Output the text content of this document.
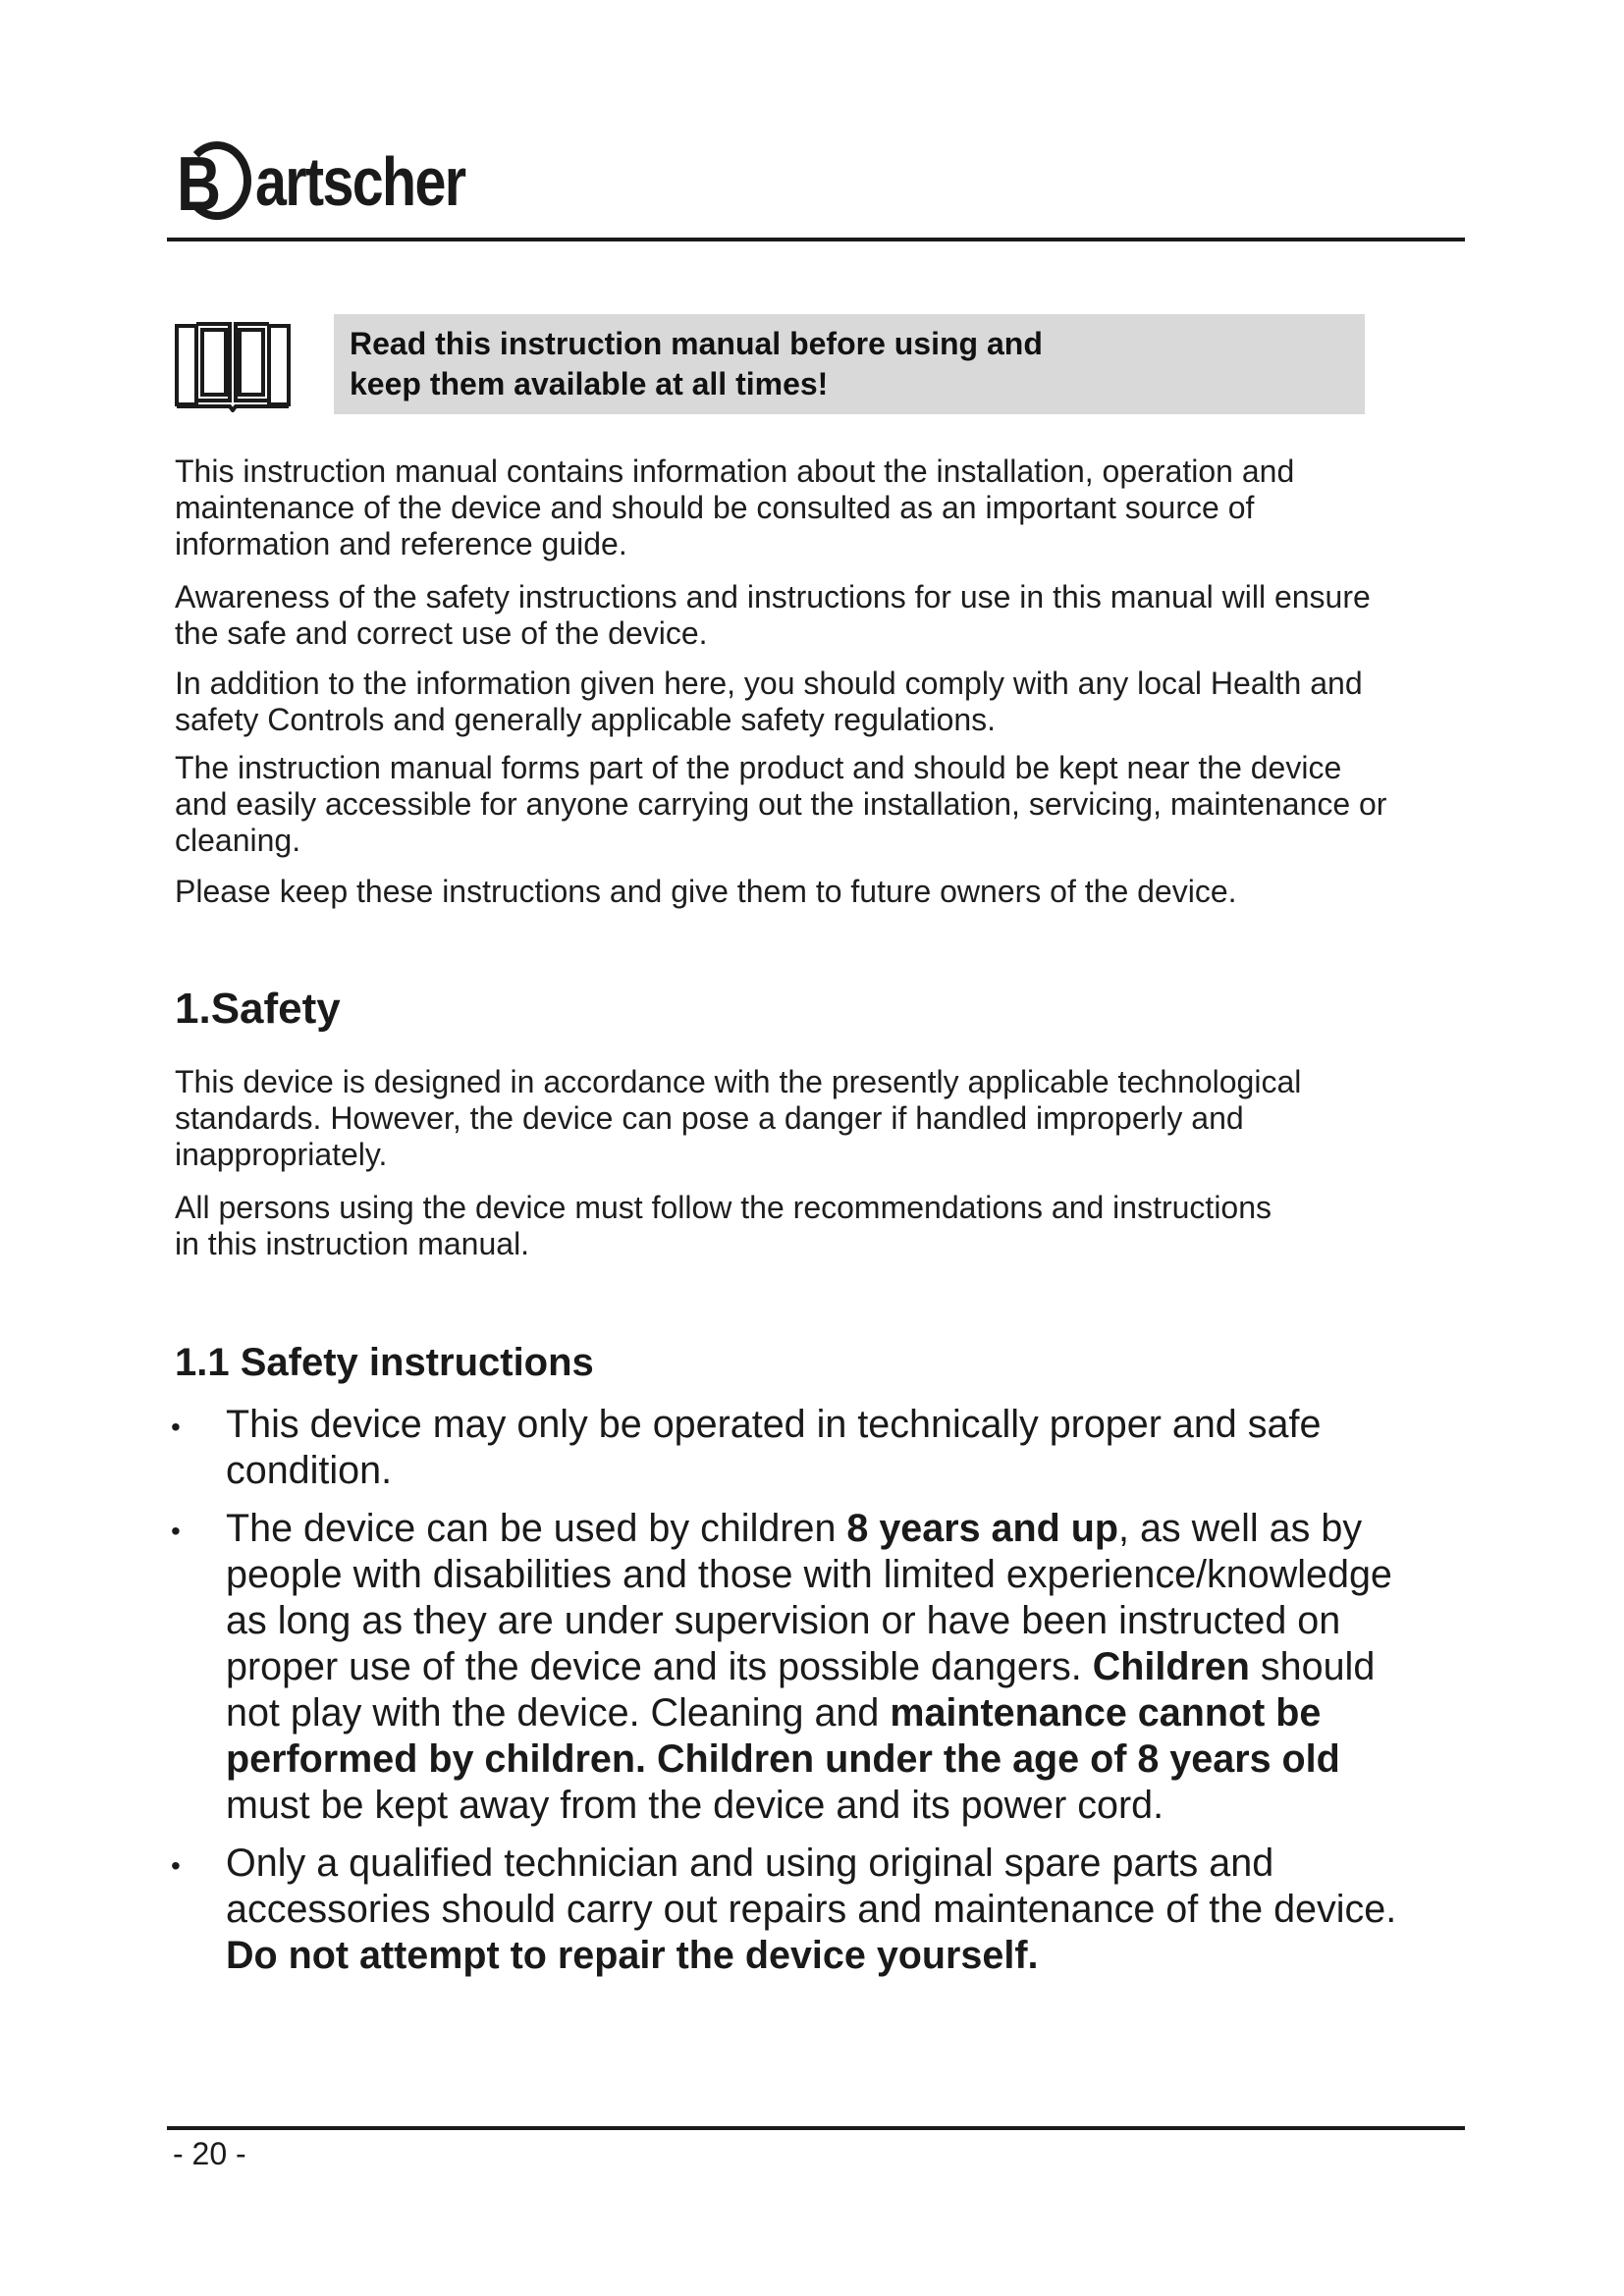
B artscher
Read this instruction manual before using and
keep them available at all times!

This instruction manual contains information about the installation, operation and

maintenance of the device and should be consulted as an important source of

information and reference guide.

Awareness of the safety instructions and instructions for use in this manual will ensure

the safe and correct use of the device.

In addition to the information given here, you should comply with any local Health and

safety Controls and generally applicable safety regulations.

The instruction manual forms part of the product and should be kept near the device

and easily accessible for anyone carrying out the installation, servicing, maintenance or

cleaning.

Please keep these instructions and give them to future owners of the device.

1.Safety

This device is designed in accordance with the presently applicable technological

standards. However, the device can pose a danger if handled improperly and

inappropriately.

All persons using the device must follow the recommendations and instructions

in this instruction manual.

1.1 Safety instructions
• This device may only be operated in technically proper and safe

condition.

• The device can be used by children 8 years and up, as well as by

people with disabilities and those with limited experience/knowledge

as long as they are under supervision or have been instructed on

proper use of the device and its possible dangers. Children should

not play with the device. Cleaning and maintenance cannot be

performed by children. Children under the age of 8 years old

must be kept away from the device and its power cord.

• Only a qualified technician and using original spare parts and

accessories should carry out repairs and maintenance of the device.

Do not attempt to repair the device yourself.

- 20 -
